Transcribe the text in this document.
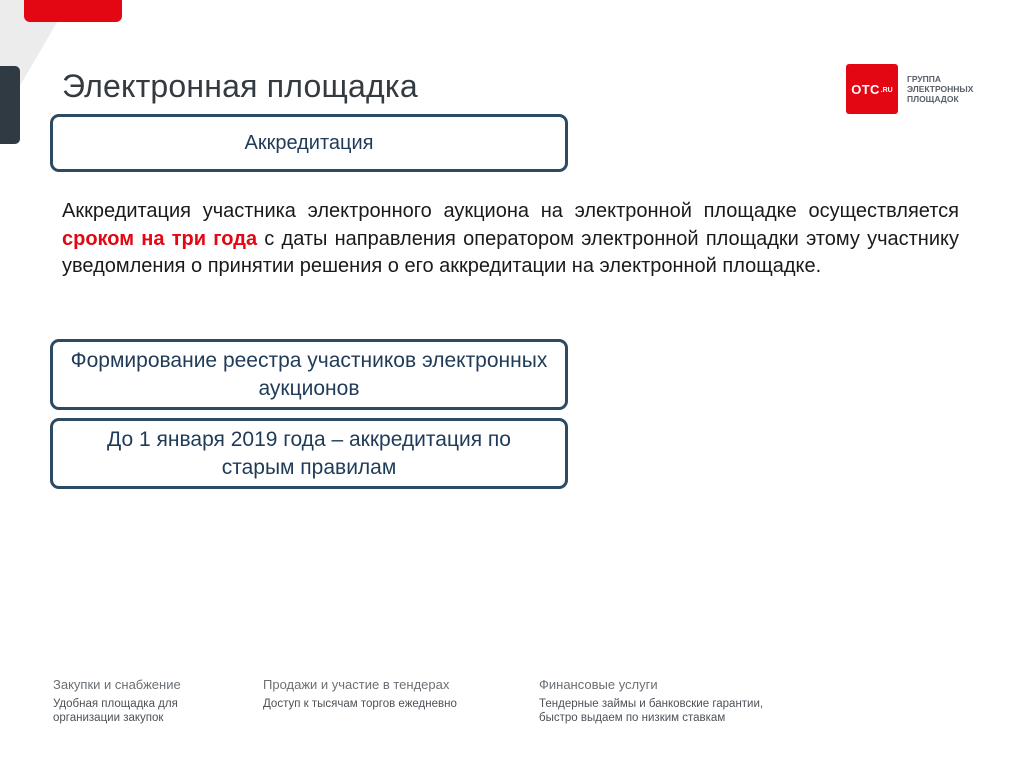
Электронная площадка	ОТС .RU
ГРУППА ЭЛЕКТРОННЫХ ПЛОЩАДОК
Аккредитация

Аккредитация участника электронного аукциона на электронной площадке осуществляется сроком на три года с даты направления оператором электронной площадки этому участнику уведомления о принятии решения о его аккредитации на электронной площадке.

Формирование реестра участников электронных аукционов
До 1 января 2019 года – аккредитация по старым правилам
Закупки и снабжение
Удобная площадка для организации закупок
Продажи и участие в тендерах
Доступ к тысячам торгов ежедневно
Финансовые услуги
Тендерные займы и банковские гарантии,
быстро выдаем по низким ставкам
